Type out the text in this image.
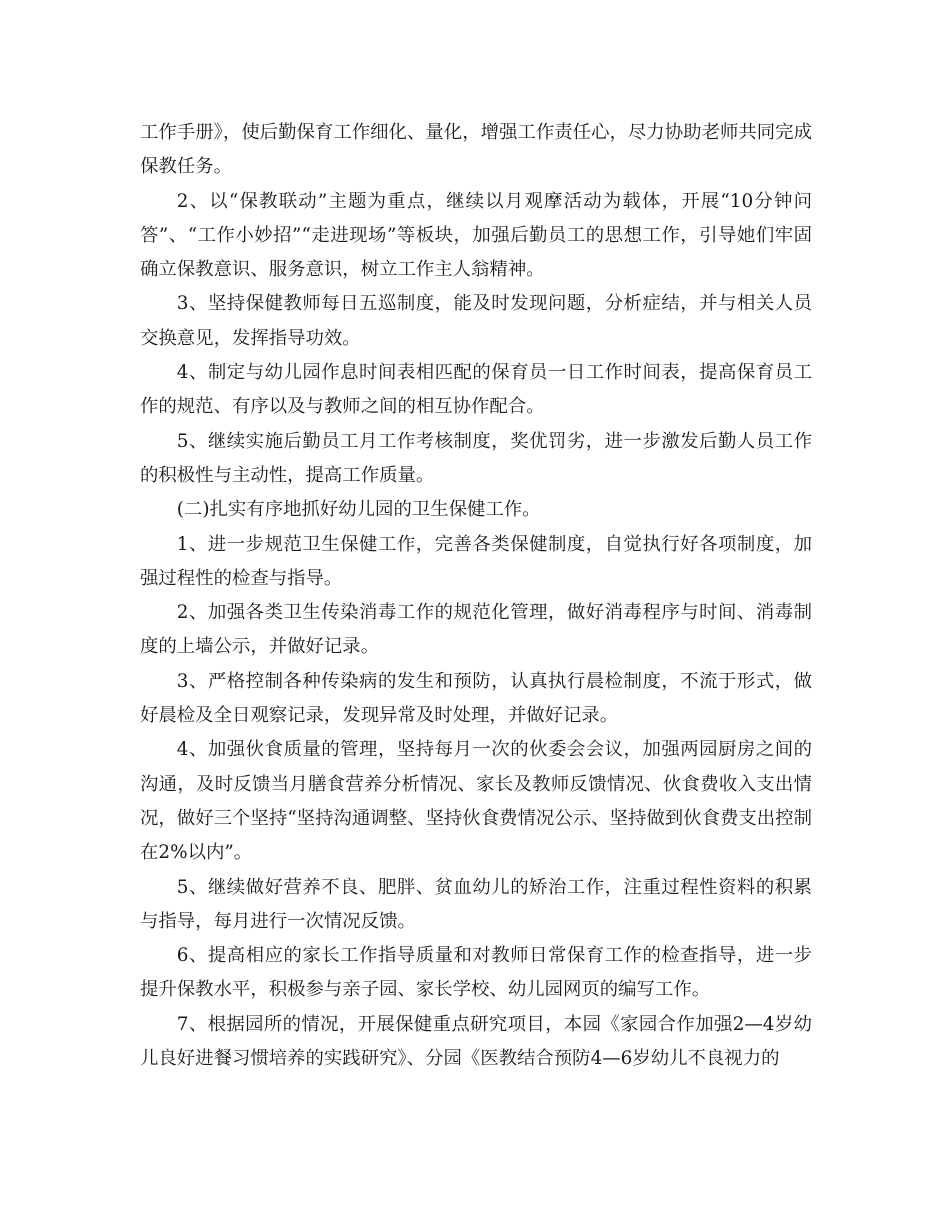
工作手册》，使后勤保育工作细化、量化，增强工作责任心，尽力协助老师共同完成保教任务。

2、以“保教联动”主题为重点，继续以月观摩活动为载体，开展“10分钟问答”、“工作小妙招”“走进现场”等板块，加强后勤员工的思想工作，引导她们牢固确立保教意识、服务意识，树立工作主人翁精神。

3、坚持保健教师每日五巡制度，能及时发现问题，分析症结，并与相关人员交换意见，发挥指导功效。

4、制定与幼儿园作息时间表相匹配的保育员一日工作时间表，提高保育员工作的规范、有序以及与教师之间的相互协作配合。

5、继续实施后勤员工月工作考核制度，奖优罚劣，进一步激发后勤人员工作的积极性与主动性，提高工作质量。

(二)扎实有序地抓好幼儿园的卫生保健工作。

1、进一步规范卫生保健工作，完善各类保健制度，自觉执行好各项制度，加强过程性的检查与指导。

2、加强各类卫生传染消毒工作的规范化管理，做好消毒程序与时间、消毒制度的上墙公示，并做好记录。

3、严格控制各种传染病的发生和预防，认真执行晨检制度，不流于形式，做好晨检及全日观察记录，发现异常及时处理，并做好记录。

4、加强伙食质量的管理，坚持每月一次的伙委会会议，加强两园厨房之间的沟通，及时反馈当月膳食营养分析情况、家长及教师反馈情况、伙食费收入支出情况，做好三个坚持“坚持沟通调整、坚持伙食费情况公示、坚持做到伙食费支出控制在2%以内”。

5、继续做好营养不良、肥胖、贫血幼儿的矫治工作，注重过程性资料的积累与指导，每月进行一次情况反馈。

6、提高相应的家长工作指导质量和对教师日常保育工作的检查指导，进一步提升保教水平，积极参与亲子园、家长学校、幼儿园网页的编写工作。

7、根据园所的情况，开展保健重点研究项目，本园《家园合作加强2—4岁幼儿良好进餐习惯培养的实践研究》、分园《医教结合预防4—6岁幼儿不良视力的
